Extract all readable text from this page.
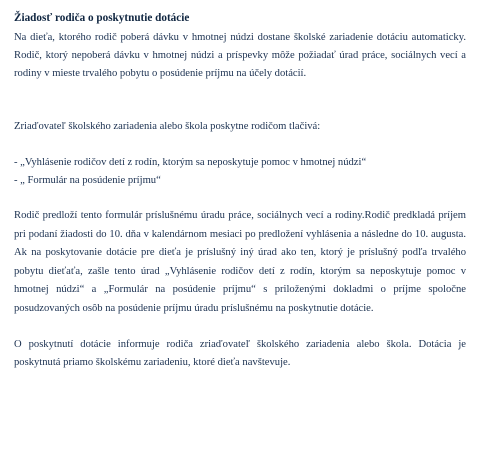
Žiadosť rodiča o poskytnutie dotácie

Na dieťa, ktorého rodič poberá dávku v hmotnej núdzi dostane školské zariadenie dotáciu automaticky. Rodič, ktorý nepoberá dávku v hmotnej núdzi a príspevky môže požiadať úrad práce, sociálnych vecí a rodiny v mieste trvalého pobytu o posúdenie príjmu na účely dotácií.

Zriaďovateľ školského zariadenia alebo škola poskytne rodičom tlačivá:

- „Vyhlásenie rodičov detí z rodín, ktorým sa neposkytuje pomoc v hmotnej núdzi“
- „ Formulár na posúdenie príjmu“

Rodič predloží tento formulár príslušnému úradu práce, sociálnych vecí a rodiny.Rodič predkladá príjem pri podaní žiadosti do 10. dňa v kalendárnom mesiaci po predložení vyhlásenia a následne do 10. augusta. Ak na poskytovanie dotácie pre dieťa je príslušný iný úrad ako ten, ktorý je príslušný podľa trvalého pobytu dieťaťa, zašle tento úrad „Vyhlásenie rodičov detí z rodín, ktorým sa neposkytuje pomoc v hmotnej núdzi“ a „Formulár na posúdenie príjmu“ s priloženými dokladmi o príjme spoločne posudzovaných osôb na posúdenie príjmu úradu príslušnému na poskytnutie dotácie.

O poskytnutí dotácie informuje rodiča zriaďovateľ školského zariadenia alebo škola. Dotácia je poskytnutá priamo školskému zariadeniu, ktoré dieťa navštevuje.
